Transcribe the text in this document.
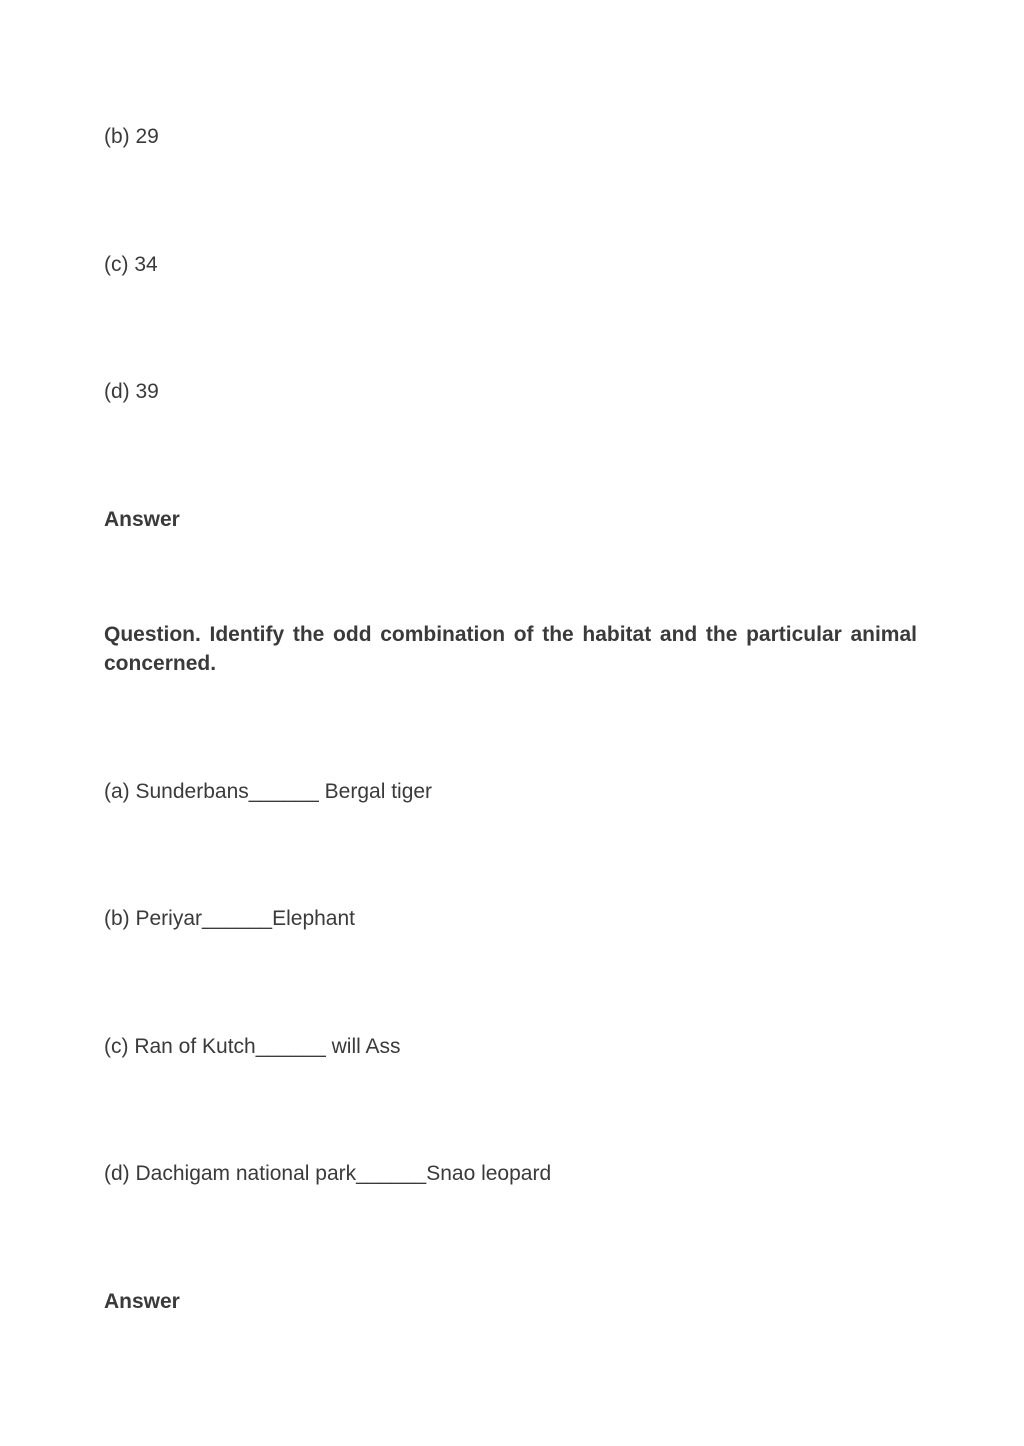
(b) 29
(c) 34
(d) 39
Answer
Question. Identify the odd combination of the habitat and the particular animal concerned.
(a) Sunderbans______ Bergal tiger
(b) Periyar______Elephant
(c) Ran of Kutch______ will Ass
(d) Dachigam national park______Snao leopard
Answer
